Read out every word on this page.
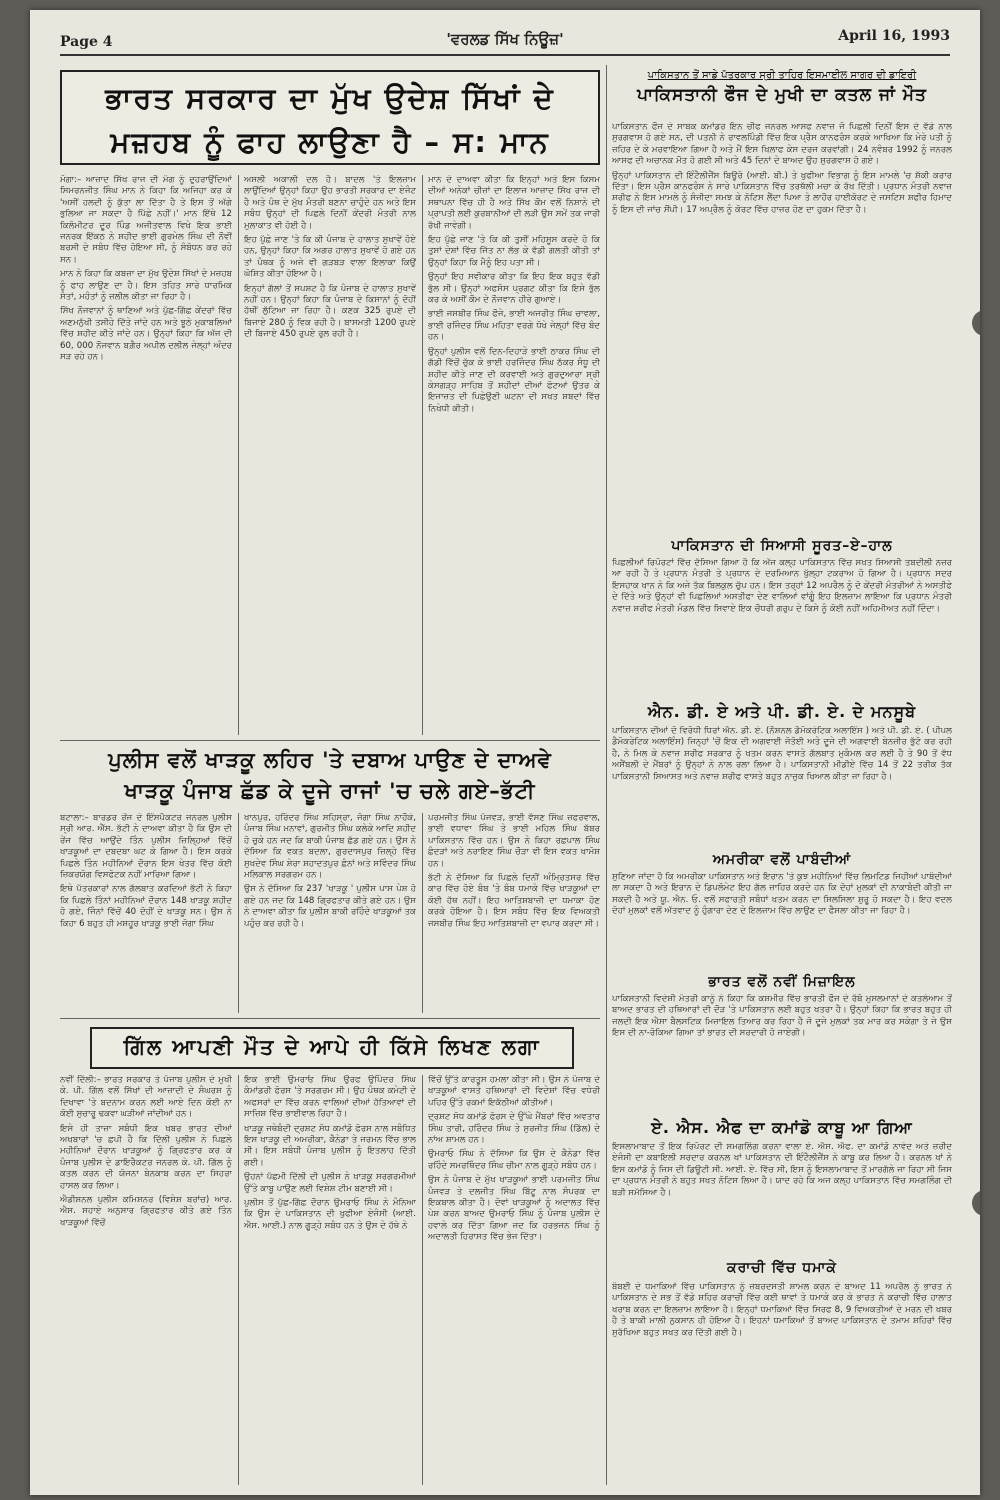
Page 4	'ਵਰਲਡ ਸਿੱਖ ਨਿਊਜ਼'	April 16, 1993
ਭਾਰਤ ਸਰਕਾਰ ਦਾ ਮੁੱਖ ਉਦੇਸ਼ ਸਿੱਖਾਂ ਦੇ ਮਜ਼ਹਬ ਨੂੰ ਫਾਹ ਲਾਉਣਾ ਹੈ – ਸ: ਮਾਨ

ਮੋਗਾ:– ਆਜ਼ਾਦ ਸਿੱਖ ਰਾਜ ਦੀ ਮੰਗ ਨੂੰ ਦੁਹਰਾਉਂਦਿਆਂ ਸਿਮਰਨਜੀਤ ਸਿੰਘ ਮਾਨ ਨੇ ਕਿਹਾ ਕਿ ਅਜਿਹਾ ਕਰ ਕੇ 'ਅਸੀਂ ਹਲਦੀ ਨੂੰ ਕੁੱਤਾ ਲਾ ਦਿੱਤਾ ਹੈ ਤੇ ਇਸ ਤੋਂ ਅੱਗੇ ਭੁਲਿਆ ਜਾ ਸਕਦਾ ਹੈ ਪਿੱਛੇ ਨਹੀਂ।' ਮਾਨ ਇੱਥੇ 12 ਕਿਲੋਮੀਟਰ ਦੂਰ ਪਿੰਡ ਅਜੀਤਵਾਲ ਵਿਖੇ ਇਕ ਭਾਈ ਜਨਰਕ ਇੱਕਠ ਨੇ ਸ਼ਹੀਦ ਭਾਈ ਗੁਰਮੇਲ ਸਿੰਘ ਦੀ ਨੌਵੀਂ ਬਰਸੀ ਦੇ ਸਬੰਧ ਵਿੱਚ ਹੋਇਆ ਸੀ, ਨੂੰ ਸੰਬੋਧਨ ਕਰ ਰਹੇ ਸਨ।

ਮਾਨ ਨੇ ਕਿਹਾ ਕਿ ਕਬਜ਼ਾ ਦਾ ਮੁੱਖ ਉਦੇਸ਼ ਸਿੱਖਾਂ ਦੇ ਮਜ਼ਹਬ ਨੂੰ ਫਾਹ ਲਾਉਣ ਦਾ ਹੈ। ਇਸ ਤਹਿਤ ਸਾਰੇ ਧਾਰਮਿਕ ਸੰਤਾਂ, ਮਹੰਤਾਂ ਨੂੰ ਜ਼ਲੀਲ ਕੀਤਾ ਜਾ ਰਿਹਾ ਹੈ।

ਸਿੱਖ ਨੌਜਵਾਨਾਂ ਨੂੰ ਥਾਣਿਆਂ ਅਤੇ ਪੁੱਛ-ਗਿੱਛ ਕੇਂਦਰਾਂ ਵਿੱਚ ਅਣਮਨੁੱਖੀ ਤਸੀਹੇ ਦਿੱਤੇ ਜਾਂਦੇ ਹਨ ਅਤੇ ਝੂਠੇ ਮੁਕਾਬਲਿਆਂ ਵਿੱਚ ਸ਼ਹੀਦ ਕੀਤੇ ਜਾਂਦੇ ਹਨ। ਉਨ੍ਹਾਂ ਕਿਹਾ ਕਿ ਅੱਜ ਦੀ 60, 000 ਨੌਜਵਾਨ ਬਗ਼ੈਰ ਅਪੀਲ ਦਲੀਲ ਜੇਲ੍ਹਾਂ ਅੰਦਰ ਸੜ ਰਹੇ ਹਨ।

ਅਸਲੀ ਅਕਾਲੀ ਦਲ ਹੈ। ਬਾਦਲ 'ਤੇ ਇਲਜ਼ਾਮ ਲਾਉਂਦਿਆਂ ਉਨ੍ਹਾਂ ਕਿਹਾ ਉਹ ਭਾਰਤੀ ਸਰਕਾਰ ਦਾ ਏਜੰਟ ਹੈ ਅਤੇ ਪੰਥ ਦੇ ਮੁੱਖ ਮੰਤਰੀ ਬਣਨਾ ਚਾਹੁੰਦੇ ਹਨ ਅਤੇ ਇਸ ਸਬੰਧ ਉਨ੍ਹਾਂ ਦੀ ਪਿਛਲੇ ਦਿਨੀਂ ਕੇਂਦਰੀ ਮੰਤਰੀ ਨਾਲ ਮੁਲਾਕਾਤ ਵੀ ਹੋਈ ਹੈ।

ਇਹ ਪੁੱਛੇ ਜਾਣ 'ਤੇ ਕਿ ਕੀ ਪੰਜਾਬ ਦੇ ਹਾਲਾਤ ਸੁਖਾਵੇਂ ਹੋਏ ਹਨ, ਉਨ੍ਹਾਂ ਕਿਹਾ ਕਿ ਅਗਰ ਹਾਲਾਤ ਸੁਖਾਵੇਂ ਹੋ ਗਏ ਹਨ ਤਾਂ ਪੰਥਕ ਨੂੰ ਅਜੇ ਵੀ ਗੜਬੜ ਵਾਲਾ ਇਲਾਕਾ ਕਿਉਂ ਘੋਸ਼ਿਤ ਕੀਤਾ ਹੋਇਆ ਹੈ।

ਇਨ੍ਹਾਂ ਗੱਲਾਂ ਤੋਂ ਸਪਸ਼ਟ ਹੈ ਕਿ ਪੰਜਾਬ ਦੇ ਹਾਲਾਤ ਸੁਖਾਵੇਂ ਨਹੀਂ ਹਨ। ਉਨ੍ਹਾਂ ਕਿਹਾ ਕਿ ਪੰਜਾਬ ਦੇ ਕਿਸਾਨਾਂ ਨੂੰ ਦੋਹੀਂ ਹੱਥੀਂ ਲੁੱਟਿਆ ਜਾ ਰਿਹਾ ਹੈ। ਕਣਕ 325 ਰੁਪਏ ਦੀ ਬਿਜਾਏ 280 ਨੂੰ ਵਿਕ ਰਹੀ ਹੈ। ਬਾਸਮਤੀ 1200 ਰੁਪਏ ਦੀ ਬਿਜਾਏ 450 ਰੁਪਏ ਰੁਲ ਰਹੀ ਹੈ।

ਮਾਨ ਦੇ ਦਾਅਵਾ ਕੀਤਾ ਕਿ ਇਨ੍ਹਾਂ ਅਤੇ ਇਸ ਕਿਸਮ ਦੀਆਂ ਅਨੇਕਾਂ ਚੀਜ਼ਾਂ ਦਾ ਇਲਾਜ ਆਜ਼ਾਦ ਸਿੱਖ ਰਾਜ ਦੀ ਸਥਾਪਨਾ ਵਿੱਚ ਹੀ ਹੈ ਅਤੇ ਸਿੱਖ ਕੌਮ ਵਲੋਂ ਨਿਸ਼ਾਨੇ ਦੀ ਪ੍ਰਾਪਤੀ ਲਈ ਕੁਰਬਾਨੀਆਂ ਦੀ ਲੜੀ ਉਸ ਸਮੇਂ ਤਕ ਜਾਰੀ ਰੱਖੀ ਜਾਵੇਗੀ।

ਇਹ ਪੁੱਛੇ ਜਾਣ 'ਤੇ ਕਿ ਕੀ ਤੁਸੀਂ ਮਹਿਸੂਸ ਕਰਦੇ ਹੋ ਕਿ ਤੁਸਾਂ ਦੇਸ਼ਾਂ ਵਿੱਚ ਜਿੱਤ ਨਾ ਲੱਭ ਕੇ ਵੱਡੀ ਗਲਤੀ ਕੀਤੀ ਤਾਂ ਉਨ੍ਹਾਂ ਕਿਹਾ ਕਿ ਮੈਨੂੰ ਇਹ ਪਤਾ ਸੀ।

ਉਨ੍ਹਾਂ ਇਹ ਸਵੀਕਾਰ ਕੀਤਾ ਕਿ ਇਹ ਇਕ ਬਹੁਤ ਵੱਡੀ ਭੁੱਲ ਸੀ। ਉਨ੍ਹਾਂ ਅਫਸੋਸ ਪ੍ਰਗਟ ਕੀਤਾ ਕਿ ਇਸੇ ਭੁੱਲ ਕਰ ਕੇ ਅਸੀਂ ਕੌਮ ਦੇ ਨੌਜਵਾਨ ਹੀਰੇ ਗੁਆਏ।

ਭਾਈ ਜਸਬੀਰ ਸਿੰਘ ਫੌਜੇ, ਭਾਈ ਅਜਰੀਤ ਸਿੰਘ ਚਾਵਲਾ, ਭਾਈ ਰਜਿੰਦਰ ਸਿੰਘ ਮਹਿਤਾ ਵਰਗੇ ਧੋਖੇ ਜੇਲ੍ਹਾਂ ਵਿੱਚ ਬੰਦ ਹਨ।

ਉਨ੍ਹਾਂ ਪੁਲੀਸ ਵਲੋਂ ਦਿਨ-ਦਿਹਾੜੇ ਭਾਈ ਠਾਕਰ ਸਿੰਘ ਦੀ ਗੱਡੀ ਵਿੱਚੋਂ ਚੁੱਕ ਕੇ ਭਾਈ ਹਰਜਿੰਦਰ ਸਿੰਘ ਠੱਕਰ ਸੰਧੂ ਦੀ ਸ਼ਹੀਦ ਕੀਤੇ ਜਾਣ ਦੀ ਕਰਵਾਈ ਅਤੇ ਗੁਰਦੁਆਰਾ ਸ੍ਰੀ ਕੇਸਗੜ੍ਹ ਸਾਹਿਬ ਤੋਂ ਸ਼ਹੀਦਾਂ ਦੀਆਂ ਫੋਟਆਂ ਉਤਰ ਕੇ ਇਜਾਜ਼ਤ ਦੀ ਪਿਛੇਉਣੀ ਘਟਨਾ ਦੀ ਸਖਤ ਸ਼ਬਦਾਂ ਵਿੱਚ ਨਿਖੇਧੀ ਕੀਤੀ।

ਪੁਲੀਸ ਵਲੋਂ ਖਾੜਕੂ ਲਹਿਰ 'ਤੇ ਦਬਾਅ ਪਾਉਣ ਦੇ ਦਾਅਵੇ
ਖਾੜਕੂ ਪੰਜਾਬ ਛੱਡ ਕੇ ਦੂਜੇ ਰਾਜਾਂ 'ਚ ਚਲੇ ਗਏ–ਭੱਟੀ

ਬਟਾਲਾ:– ਬਾਰਡਰ ਰੇਂਜ ਦੇ ਇੰਸਪੈਕਟਰ ਜਨਰਲ ਪੁਲੀਸ ਸ੍ਰੀ ਆਰ. ਐੱਸ. ਭੱਟੀ ਨੇ ਦਾਅਵਾ ਕੀਤਾ ਹੈ ਕਿ ਉਸ ਦੀ ਰੇਂਜ ਵਿੱਚ ਆਉਂਦੇ ਤਿੰਨ ਪੁਲੀਸ ਜ਼ਿਲ੍ਹਿਆਂ ਵਿੱਚੋਂ ਖਾੜਕੂਆਂ ਦਾ ਦਬਦਬਾ ਘਟ ਕੇ ਗਿਆ ਹੈ। ਇਸ ਕਰਕੇ ਪਿਛਲੇ ਤਿੰਨ ਮਹੀਨਿਆਂ ਦੌਰਾਨ ਇਸ ਖੇਤਰ ਵਿੱਚ ਕੋਈ ਜ਼ਿਕਰਯੋਗ ਵਿਸਫੋਟਕ ਨਹੀਂ ਮਾਰਿਆ ਗਿਆ।

ਇਥੇ ਪੱਤਰਕਾਰਾਂ ਨਾਲ ਗੱਲਬਾਤ ਕਰਦਿਆਂ ਭੱਟੀ ਨੇ ਕਿਹਾ ਕਿ ਪਿਛਲੇ ਤਿੰਨਾਂ ਮਹੀਨਿਆਂ ਦੌਰਾਨ 148 ਖਾੜਕੂ ਸ਼ਹੀਦ ਹੋ ਗਏ, ਜਿੰਨਾਂ ਵਿੱਚੋਂ 40 ਦੋਹੀਂ ਦੇ ਖਾੜਕੂ ਸਨ। ਉਸ ਨੇ ਕਿਹਾ 6 ਬਹੁਤ ਹੀ ਮਸ਼ਹੂਰ ਖਾੜਕੂ ਭਾਈ ਜੋਗਾ ਸਿੰਘ

ਖਾਨਪੁਰ, ਹਰਿੰਦਰ ਸਿੰਘ ਸਹਿਸ੍ਰਾ, ਜੋਗਾ ਸਿੰਘ ਨਾਹੌਕੇ, ਪੰਜਾਬ ਸਿੰਘ ਮਨਾਵਾਂ, ਗੁਰਮੀਤ ਸਿੰਘ ਕਲੇਕੇ ਆਦਿ ਸ਼ਹੀਦ ਹੋ ਚੁਕੇ ਹਨ ਜਦ ਕਿ ਬਾਕੀ ਪੰਜਾਬ ਛੱਡ ਗਏ ਹਨ। ਉਸ ਨੇ ਦੱਸਿਆ ਕਿ ਵਕਤ ਬਦਲਾ, ਗੁਰਦਾਸਪੁਰ ਜ਼ਿਲ੍ਹੇ ਵਿੱਚ ਸੁਖਦੇਵ ਸਿੰਘ ਸ਼ੇਰਾ ਸ਼ਹਾਦਤਪੁਰ ਛੰਨਾਂ ਅਤੇ ਸਵਿੰਦਰ ਸਿੰਘ ਮਲਿਕਾਲ ਸਰਗਰਮ ਹਨ।

ਉਸ ਨੇ ਦੱਸਿਆ ਕਿ 237 'ਖਾੜਕੂ ' ਪੁਲੀਸ ਪਾਸ ਪੇਸ਼ ਹੋ ਗਏ ਹਨ ਜਦ ਕਿ 148 ਗ੍ਰਿਫਤਾਰ ਕੀਤੇ ਗਏ ਹਨ। ਉਸ ਨੇ ਦਾਅਵਾ ਕੀਤਾ ਕਿ ਪੁਲੀਸ ਬਾਕੀ ਰਹਿੰਦੇ ਖਾੜਕੂਆਂ ਤਕ ਪਹੁੰਚ ਕਰ ਰਹੀ ਹੈ।

ਪਰਮਜੀਤ ਸਿੰਘ ਪੰਜਵੜ, ਭਾਈ ਵੱਸਣ ਸਿੰਘ ਜ਼ਫਰਵਾਲ, ਭਾਈ ਵਧਾਵਾ ਸਿੰਘ ਤੇ ਭਾਈ ਮਹਿਲ ਸਿੰਘ ਬੱਬਰ ਪਾਕਿਸਤਾਨ ਵਿੱਚ ਹਨ। ਉਸ ਨੇ ਕਿਹਾ ਰਛਪਾਲ ਸਿੰਘ ਛੰਦੜਾਂ ਅਤੇ ਨਰਾਇਣ ਸਿੰਘ ਚੌੜਾ ਵੀ ਇਸ ਵਕਤ ਖਾਮੋਸ਼ ਹਨ।

ਭੱਟੀ ਨੇ ਦੱਸਿਆ ਕਿ ਪਿਛਲੇ ਦਿਨੀਂ ਅੰਮ੍ਰਿਤਸਰ ਵਿੱਚ ਕਾਰ ਵਿੱਚ ਹੋਏ ਬੰਬ 'ਤੇ ਬੰਬ ਧਮਾਕੇ ਵਿੱਚ ਖਾੜਕੂਆਂ ਦਾ ਕੋਈ ਹੱਥ ਨਹੀਂ। ਇਹ ਆਤਿਸ਼ਬਾਜ਼ੀ ਦਾ ਧਮਾਕਾ ਹੋਣ ਕਰਕੇ ਹੋਇਆ ਹੈ। ਇਸ ਸਬੰਧ ਵਿੱਚ ਇਕ ਵਿਅਕਤੀ ਜਸਬੀਰ ਸਿੰਘ ਇਹ ਆਤਿਸ਼ਬਾਜ਼ੀ ਦਾ ਵਪਾਰ ਕਰਦਾ ਸੀ।

ਗਿੱਲ ਆਪਣੀ ਮੌਤ ਦੇ ਆਪੇ ਹੀ ਕਿੱਸੇ ਲਿਖਣ ਲਗਾ

ਨਵੀਂ ਦਿੱਲੀ:– ਭਾਰਤ ਸਰਕਾਰ ਤੇ ਪੰਜਾਬ ਪੁਲੀਸ ਦੇ ਮੁਖੀ ਕੇ. ਪੀ. ਗਿੱਲ ਵਲੋਂ ਸਿੱਖਾਂ ਦੀ ਆਜ਼ਾਦੀ ਦੇ ਸੰਘਰਸ਼ ਨੂੰ ਦਿਖਾਵਾ 'ਤੇ ਬਦਨਾਮ ਕਰਨ ਲਈ ਆਏ ਦਿਨ ਕੋਈ ਨਾ ਕੋਈ ਸੁਚਾਰੂ ਢਕਵਾ ਘੜੀਆਂ ਜਾਂਦੀਆਂ ਹਨ।

ਇਸੇ ਹੀ ਤਾਜ਼ਾ ਸਬੰਧੀ ਇਕ ਖਬਰ ਭਾਰਤ ਦੀਆਂ ਅਖਬਾਰਾਂ 'ਚ ਛਪੀ ਹੈ ਕਿ ਦਿੱਲੀ ਪੁਲੀਸ ਨੇ ਪਿਛਲੇ ਮਹੀਨਿਆਂ ਦੌਰਾਨ ਖਾੜਕੂਆਂ ਨੂੰ ਗ੍ਰਿਫਤਾਰ ਕਰ ਕੇ ਪੰਜਾਬ ਪੁਲੀਸ ਦੇ ਡਾਇਰੈਕਟਰ ਜਨਰਲ ਕੇ. ਪੀ. ਗਿੱਲ ਨੂੰ ਕਤਲ ਕਰਨ ਦੀ ਯੋਜਨਾ ਬੇਨਕਾਬ ਕਰਨ ਦਾ ਸਿਹਰਾ ਹਾਸਲ ਕਰ ਲਿਆ।

ਐਡੀਸ਼ਨਲ ਪੁਲੀਸ ਕਮਿਸ਼ਨਰ (ਵਿਸ਼ੇਸ਼ ਬਰਾਂਚ) ਆਰ. ਐਸ. ਸਹਾਏ ਅਨੁਸਾਰ ਗ੍ਰਿਫਤਾਰ ਕੀਤੇ ਗਏ ਤਿੰਨ ਖਾੜਕੂਆਂ ਵਿੱਚੋਂ

ਇਕ ਭਾਈ ਉਮਰਾਓ ਸਿੰਘ ਉਰਫ ਉਪਿੰਦਰ ਸਿੰਘ ਕੰਮਾਂਡਰੀ ਫੋਰਸ 'ਤੇ ਸਰਗਰਮ ਸੀ। ਉਹ ਪੰਥਕ ਕਮੇਟੀ ਦੇ ਅਫਸਰਾਂ ਦਾ ਵਿੱਚ ਕਰਨ ਵਾਲਿਆਂ ਦੀਆਂ ਹੱਤਿਆਵਾਂ ਦੀ ਸਾਜ਼ਿਸ਼ ਵਿੱਚ ਭਾਈਵਾਲ ਰਿਹਾ ਹੈ।

ਖਾੜਕੂ ਜਥੇਬੰਦੀ ਦ੍ਰਸ਼ਟ ਸੋਧ ਕਮਾਂਡੋ ਫੋਰਸ ਨਾਲ ਸਬੰਧਿਤ ਇਸ ਖਾੜਕੂ ਦੀ ਅਮਰੀਕਾ, ਕੈਨੇਡਾ ਤੇ ਜਰਮਨ ਵਿੱਚ ਭਾਲ ਸੀ। ਇਸ ਸਬੰਧੀ ਪੰਜਾਬ ਪੁਲੀਸ ਨੂੰ ਇਤਲਾਹ ਦਿੱਤੀ ਗਈ।

ਉਹਨਾਂ ਪੱਛਮੀ ਦਿੱਲੀ ਦੀ ਪੁਲੀਸ ਨੇ ਖਾੜਕੂ ਸਰਗਰਮੀਆਂ ਉੱਤੇ ਕਾਬੂ ਪਾਉਣ ਲਈ ਵਿਸ਼ੇਸ਼ ਟੀਮ ਬਣਾਈ ਸੀ।

ਪੁਲੀਸ ਤੋਂ ਪੁੱਛ-ਗਿੱਛ ਦੌਰਾਨ ਉਮਰਾਓ ਸਿੰਘ ਨੇ ਮੰਨਿਆ ਕਿ ਉਸ ਦੇ ਪਾਕਿਸਤਾਨ ਦੀ ਖੁਫੀਆ ਏਜੰਸੀ (ਆਈ. ਐਸ. ਆਈ.) ਨਾਲ ਗੂੜ੍ਹੇ ਸਬੰਧ ਹਨ ਤੇ ਉਸ ਦੇ ਹੱਥੇ ਨੇ

ਵਿੱਚੋਂ ਉੱਤੇ ਕਾਰਤੂਸ ਹਮਲਾ ਕੀਤਾ ਸੀ। ਉਸ ਨੇ ਪੰਜਾਬ ਦੇ ਖਾੜਕੂਆਂ ਵਾਸਤੇ ਹਥਿਆਰਾਂ ਦੀ ਵਿਦੇਸ਼ਾਂ ਵਿੱਚ ਵਧੇਰੀ ਪਹਿਰ ਉੱਤੇ ਰਕਮਾਂ ਇਕੱਠੀਆਂ ਕੀਤੀਆਂ।

ਦ੍ਰਸ਼ਟ ਸੋਧ ਕਮਾਂਡੋ ਫੋਰਸ ਦੇ ਉੱਘੇ ਮੈਂਬਰਾਂ ਵਿੱਚ ਅਵਤਾਰ ਸਿੰਘ ਤਾਰੀ, ਹਰਿੰਦਰ ਸਿੰਘ ਤੇ ਸੁਰਜੀਤ ਸਿੰਘ (ਡਿੱਲ) ਦੇ ਨਾਂਅ ਸ਼ਾਮਲ ਹਨ।

ਉਮਰਾਓ ਸਿੰਘ ਨੇ ਦੱਸਿਆ ਕਿ ਉਸ ਦੇ ਕੈਨੇਡਾ ਵਿੱਚ ਰਹਿੰਦੇ ਸਮਰਥਿੰਦਰ ਸਿੰਘ ਚੀਮਾ ਨਾਲ ਗੂੜ੍ਹੇ ਸਬੰਧ ਹਨ।

ਉਸ ਨੇ ਪੰਜਾਬ ਦੇ ਮੁੱਖ ਖਾੜਕੂਆਂ ਭਾਈ ਪਰਮਜੀਤ ਸਿੰਘ ਪੰਜਵੜ ਤੇ ਦਲਜੀਤ ਸਿੰਘ ਬਿੱਟੂ ਨਾਲ ਸੰਪਰਕ ਦਾ ਇਕਬਾਲ ਕੀਤਾ ਹੈ। ਦੋਵਾਂ ਖਾੜਕੂਆਂ ਨੂੰ ਅਦਾਲਤ ਵਿੱਚ ਪੇਸ਼ ਕਰਨ ਬਾਅਦ ਉਮਰਾਓ ਸਿੰਘ ਨੂੰ ਪੰਜਾਬ ਪੁਲੀਸ ਦੇ ਹਵਾਲੇ ਕਰ ਦਿੱਤਾ ਗਿਆ ਜਦ ਕਿ ਹਰਭਜਨ ਸਿੰਘ ਨੂੰ ਅਦਾਲਤੀ ਹਿਰਾਸਤ ਵਿੱਚ ਭੇਜ ਦਿੱਤਾ।

ਪਾਕਿਸਤਾਨ ਤੋਂ ਸਾਡੇ ਪੱਤਰਕਾਰ ਸ੍ਰੀ ਤਾਹਿਰ ਇਸਮਾਈਲ ਸਾਗਰ ਦੀ ਡਾਇਰੀ
ਪਾਕਿਸਤਾਨੀ ਫੌਜ ਦੇ ਮੁਖੀ ਦਾ ਕਤਲ ਜਾਂ ਮੌਤ

ਪਾਕਿਸਤਾਨ ਫੌਜ ਦੇ ਸਾਬਕ ਕਮਾਂਡਰ ਇਨ ਚੀਫ ਜਨਰਲ ਆਸਫ ਨਵਾਜ਼ ਜੋ ਪਿਛਲੀ ਦਿਨੀਂ ਇਸ ਦੇ ਵੱਡੇ ਨਾਲ ਸੁਰਗਵਾਸ ਹੋ ਗਏ ਸਨ, ਦੀ ਪਤਨੀ ਨੇ ਰਾਵਲਪਿੰਡੀ ਵਿੱਚ ਇਕ ਪ੍ਰੈਸ ਕਾਨਫਰੰਸ ਕਰਕੇ ਆਖਿਆ ਕਿ ਮੇਰੇ ਪਤੀ ਨੂੰ ਜ਼ਹਿਰ ਦੇ ਕੇ ਮਰਵਾਇਆ ਗਿਆ ਹੈ ਅਤੇ ਮੈਂ ਇਸ ਖਿਲਾਫ ਕੇਸ ਦਰਜ ਕਰਵਾਂਗੀ। 24 ਨਵੰਬਰ 1992 ਨੂੰ ਜਨਰਲ ਆਸਫ ਦੀ ਅਚਾਨਕ ਮੌਤ ਹੋ ਗਈ ਸੀ ਅਤੇ 45 ਦਿਨਾਂ ਦੇ ਬਾਅਦ ਉਹ ਸੁਰਗਵਾਸ ਹੋ ਗਏ।

ਉਨ੍ਹਾਂ ਪਾਕਿਸਤਾਨ ਦੀ ਇੰਟੈਲੀਜੈਂਸ ਬਿਊਰੋ (ਆਈ. ਬੀ.) ਤੇ ਖੁਫੀਆ ਵਿਭਾਗ ਨੂੰ ਇਸ ਮਾਮਲੇ 'ਚ ਸ਼ੱਕੀ ਕਰਾਰ ਦਿੱਤਾ। ਇਸ ਪ੍ਰੈਸ ਕਾਨਫਰੰਸ ਨੇ ਸਾਰੇ ਪਾਕਿਸਤਾਨ ਵਿੱਚ ਤਰਥੱਲੀ ਮਚਾ ਕੇ ਰੱਖ ਦਿੱਤੀ। ਪ੍ਰਧਾਨ ਮੰਤਰੀ ਨਵਾਜ਼ ਸ਼ਰੀਫ ਨੇ ਇਸ ਮਾਮਲੇ ਨੂੰ ਸੰਜੀਦਾ ਸਮਝ ਕੇ ਨੋਟਿਸ ਲੈਂਦਾ ਪਿਆ ਤੇ ਲਾਹੌਰ ਹਾਈਕੋਰਟ ਦੇ ਜਸਟਿਸ ਸ਼ਫੀਰ ਹਿਮਾਦ ਨੂੰ ਇਸ ਦੀ ਜਾਂਚ ਸੌਂਪੀ। 17 ਅਪ੍ਰੈਲ ਨੂੰ ਕੋਰਟ ਵਿੱਚ ਹਾਜ਼ਰ ਹੋਣ ਦਾ ਹੁਕਮ ਦਿੱਤਾ ਹੈ।

ਪਾਕਿਸਤਾਨ ਦੀ ਸਿਆਸੀ ਸੂਰਤ–ਏ–ਹਾਲ
ਪਿਛਲੀਆਂ ਰਿਪੋਰਟਾਂ ਵਿੱਚ ਦੱਸਿਆ ਗਿਆ ਹੈ ਕਿ ਅੱਜ ਕਲ੍ਹ ਪਾਕਿਸਤਾਨ ਵਿੱਚ ਸਖਤ ਸਿਆਸੀ ਤਬਦੀਲੀ ਨਜ਼ਰ ਆ ਰਹੀ ਹੈ ਤੇ ਪ੍ਰਧਾਨ ਮੰਤਰੀ ਤੇ ਪ੍ਰਧਾਨ ਦੇ ਦਰਮਿਆਨ ਖੁੱਲ੍ਹਾ ਟਕਰਾਅ ਹੋ ਗਿਆ ਹੈ। ਪ੍ਰਧਾਨ ਸਦਰ ਇਸਹਾਕ ਖਾਨ ਨੇ ਕਿ ਅਜੇ ਤੱਕ ਬਿਲਕੁਲ ਚੁੱਪ ਹਨ। ਇਸ ਤਰ੍ਹਾਂ 12 ਅਪਰੈਲ ਨੂੰ ਦੋ ਕੇਂਦਰੀ ਮੰਤਰੀਆਂ ਨੇ ਅਸਤੀਫੇ ਦੇ ਦਿੱਤੇ ਅਤੇ ਉਨ੍ਹਾਂ ਵੀ ਪਿਛਲਿਆਂ ਅਸਤੀਫਾ ਦੇਣ ਵਾਲਿਆਂ ਵਾਂਗੂੰ ਇਹ ਇਲਜ਼ਾਮ ਲਾਇਆ ਕਿ ਪ੍ਰਧਾਨ ਮੰਤਰੀ ਨਵਾਜ਼ ਸ਼ਰੀਫ ਮੰਤਰੀ ਮੰਡਲ ਵਿੱਚ ਸਿਵਾਏ ਇਕ ਚੌਧਰੀ ਗਰੁਪ ਦੇ ਕਿਸੇ ਨੂੰ ਕੋਈ ਨਹੀਂ ਅਹਿਮੀਅਤ ਨਹੀਂ ਦਿੰਦਾ।
ਐਨ. ਡੀ. ਏ ਅਤੇ ਪੀ. ਡੀ. ਏ. ਦੇ ਮਨਸੂਬੇ
ਪਾਕਿਸਤਾਨ ਦੀਆਂ ਦੋ ਵਿਰੋਧੀ ਧਿਰਾਂ ਐਨ. ਡੀ. ਏ. (ਨੈਸ਼ਨਲ ਡੈਮੋਕਰੇਟਿਕ ਅਲਾਇੰਸ ) ਅਤੇ ਪੀ. ਡੀ. ਏ. ( ਪੀਪਲ ਡੈਮੋਕਰੇਟਿਕ ਅਲਾਇੰਸ) ਜਿਨ੍ਹਾਂ 'ਚੋਂ ਇਕ ਦੀ ਅਗਵਾਈ ਜੋਤੋਈ ਅਤੇ ਦੂਜੇ ਦੀ ਅਗਵਾਈ ਬੇਨਜ਼ੀਰ ਭੁੱਟੋ ਕਰ ਰਹੀ ਹੈ, ਨੇ ਮਿਲ ਕੇ ਨਵਾਜ਼ ਸ਼ਰੀਫ ਸਰਕਾਰ ਨੂੰ ਖਤਮ ਕਰਨ ਵਾਸਤੇ ਗੱਲਬਾਤ ਮੁਕੰਮਲ ਕਰ ਲਈ ਹੈ ਤੇ 90 ਤੋਂ ਵੱਧ ਅਸੈਂਬਲੀ ਦੇ ਮੈਂਬਰਾਂ ਨੂੰ ਉਨ੍ਹਾਂ ਨੇ ਨਾਲ ਰਲਾ ਲਿਆ ਹੈ। ਪਾਕਿਸਤਾਨੀ ਮੀਡੀਏ ਵਿੱਚ 14 ਤੋਂ 22 ਤਰੀਕ ਤੱਕ ਪਾਕਿਸਤਾਨੀ ਸਿਆਸਤ ਅਤੇ ਨਵਾਜ਼ ਸ਼ਰੀਫ ਵਾਸਤੇ ਬਹੁਤ ਨਾਜ਼ੁਕ ਖਿਆਲ ਕੀਤਾ ਜਾ ਰਿਹਾ ਹੈ।
ਅਮਰੀਕਾ ਵਲੋਂ ਪਾਬੰਦੀਆਂ
ਸੁਣਿਆ ਜਾਂਦਾ ਹੈ ਕਿ ਅਮਰੀਕਾ ਪਾਕਿਸਤਾਨ ਅਤੇ ਇਰਾਨ 'ਤੇ ਕੁਝ ਮਹੀਨਿਆਂ ਵਿੱਚ ਲਿਮਟਿਡ ਜਿਹੀਆਂ ਪਾਬੰਦੀਆਂ ਲਾ ਸਕਦਾ ਹੈ ਅਤੇ ਇਰਾਨ ਦੇ ਡਿਪਲੋਮੇਟ ਇਹ ਗੱਲ ਜ਼ਾਹਿਰ ਕਰਦੇ ਹਨ ਕਿ ਦੋਹਾਂ ਮੁਲਕਾਂ ਦੀ ਨਾਕਾਬੰਦੀ ਕੀਤੀ ਜਾ ਸਕਦੀ ਹੈ ਅਤੇ ਯੂ. ਐਨ. ਓ. ਵਲੋਂ ਸਫਾਰਤੀ ਸਬੰਧਾਂ ਖਤਮ ਕਰਨ ਦਾ ਸਿਲਸਿਲਾ ਸ਼ੁਰੂ ਹੋ ਸਕਦਾ ਹੈ। ਇਹ ਵਦਲ ਦੋਹਾਂ ਮੁਲਕਾਂ ਵਲੋਂ ਅੱਤਵਾਦ ਨੂੰ ਹੁੰਗਾਰਾ ਦੇਣ ਦੇ ਇਲਜ਼ਾਮ ਵਿੱਚ ਲਾਉਣ ਦਾ ਫੈਸਲਾ ਕੀਤਾ ਜਾ ਰਿਹਾ ਹੈ।
ਭਾਰਤ ਵਲੋਂ ਨਵੀਂ ਮਿਜ਼ਾਇਲ
ਪਾਕਿਸਤਾਨੀ ਵਿਦੇਸ਼ੀ ਮੰਤਰੀ ਕਾਨੂੰ ਨੇ ਕਿਹਾ ਕਿ ਕਸ਼ਮੀਰ ਵਿੱਚ ਭਾਰਤੀ ਫੌਜ ਦੇ ਰੱਬੋ ਮੁਸਲਮਾਨਾਂ ਦੇ ਕਤਲੇਆਮ ਤੋਂ ਬਾਅਦ ਭਾਰਤ ਦੀ ਹਥਿਆਰਾਂ ਦੀ ਦੌੜ 'ਤੇ ਪਾਕਿਸਤਾਨ ਲਈ ਬਹੁਤ ਖਤਰਾ ਹੈ। ਉਨ੍ਹਾਂ ਕਿਹਾ ਕਿ ਭਾਰਤ ਬਹੁਤ ਹੀ ਜਲਦੀ ਇਕ ਐਸਾ ਬੈਲਸਟਿਕ ਮਿਜ਼ਾਇਲ ਤਿਆਰ ਕਰ ਰਿਹਾ ਹੈ ਜੋ ਦੂਜੇ ਮੁਲਕਾਂ ਤਕ ਮਾਰ ਕਰ ਸਕੇਗਾ ਤੇ ਜੇ ਉਸ ਇਸ ਦੀ ਨਾ-ਰੋਕਿਆ ਗਿਆ ਤਾਂ ਭਾਰਤ ਦੀ ਸਰਦਾਰੀ ਹੋ ਜਾਏਗੀ।
ਏ. ਐਸ. ਐਫ ਦਾ ਕਮਾਂਡੋ ਕਾਬੂ ਆ ਗਿਆ
ਇਸਲਾਮਾਬਾਦ ਤੋਂ ਇਕ ਰਿਪੋਰਟ ਦੀ ਸਮਗਲਿੰਗ ਕਰਨਾ ਵਾਲਾ ਏ. ਐਸ. ਐਫ. ਦਾ ਕਮਾਂਡੋ ਨਾਵੇਦ ਅਤੇ ਜ਼ਰੀਦ ਏਜੰਸੀ ਦਾ ਕਬਾਇਲੀ ਸਰਦਾਰ ਕਰਨਲ ਖਾਂ ਪਾਕਿਸਤਾਨ ਦੀ ਇੰਟੈਲੀਜੈਂਸ ਨੇ ਕਾਬੂ ਕਰ ਲਿਆ ਹੈ। ਕਰਨਲ ਖਾਂ ਨੇ ਇਸ ਕਮਾਂਡੋ ਨੂੰ ਜਿਸ ਦੀ ਡਿਊਟੀ ਸੀ. ਆਈ. ਏ. ਵਿੱਚ ਸੀ, ਇਸ ਨੂੰ ਇਸਲਾਮਾਬਾਦ ਤੋਂ ਮਾਰਗੱਲੇ ਜਾ ਰਿਹਾ ਸੀ ਜਿਸ ਦਾ ਪ੍ਰਧਾਨ ਮੰਤਰੀ ਨੇ ਬਹੁਤ ਸਖਤ ਨੋਟਿਸ ਲਿਆ ਹੈ। ਯਾਦ ਰਹੇ ਕਿ ਅਜ ਕਲ੍ਹ ਪਾਕਿਸਤਾਨ ਵਿੱਚ ਸਮਗਲਿੰਗ ਦੀ ਬੜੀ ਸਮੱਸਿਆ ਹੈ।
ਕਰਾਚੀ ਵਿੱਚ ਧਮਾਕੇ
ਬੰਬਈ ਦੇ ਧਮਾਕਿਆਂ ਵਿੱਚ ਪਾਕਿਸਤਾਨ ਨੂੰ ਜ਼ਬਰਦਸਤੀ ਸ਼ਾਮਲ ਕਰਨ ਦੇ ਬਾਅਦ 11 ਅਪਰੈਲ ਨੂੰ ਭਾਰਤ ਨੇ ਪਾਕਿਸਤਾਨ ਦੇ ਸਭ ਤੋਂ ਵੱਡੇ ਸ਼ਹਿਰ ਕਰਾਚੀ ਵਿੱਚ ਕਈ ਥਾਵਾਂ ਤੇ ਧਮਾਕੇ ਕਰ ਕੇ ਭਾਰਤ ਨੇ ਕਰਾਚੀ ਵਿੱਚ ਹਾਲਾਤ ਖਰਾਬ ਕਰਨ ਦਾ ਇਲਜ਼ਾਮ ਲਾਇਆ ਹੈ। ਇਨ੍ਹਾਂ ਧਮਾਕਿਆਂ ਵਿੱਚ ਸਿਰਫ 8, 9 ਵਿਅਕਤੀਆਂ ਦੇ ਮਰਨ ਦੀ ਖਬਰ ਹੈ ਤੇ ਬਾਕੀ ਮਾਲੀ ਨੁਕਸਾਨ ਹੀ ਹੋਇਆ ਹੈ। ਇਹਨਾਂ ਧਮਾਕਿਆਂ ਤੋਂ ਬਾਅਦ ਪਾਕਿਸਤਾਨ ਦੇ ਤਮਾਮ ਸ਼ਹਿਰਾਂ ਵਿੱਚ ਸੁਰੱਖਿਆ ਬਹੁਤ ਸਖਤ ਕਰ ਦਿੱਤੀ ਗਈ ਹੈ।
